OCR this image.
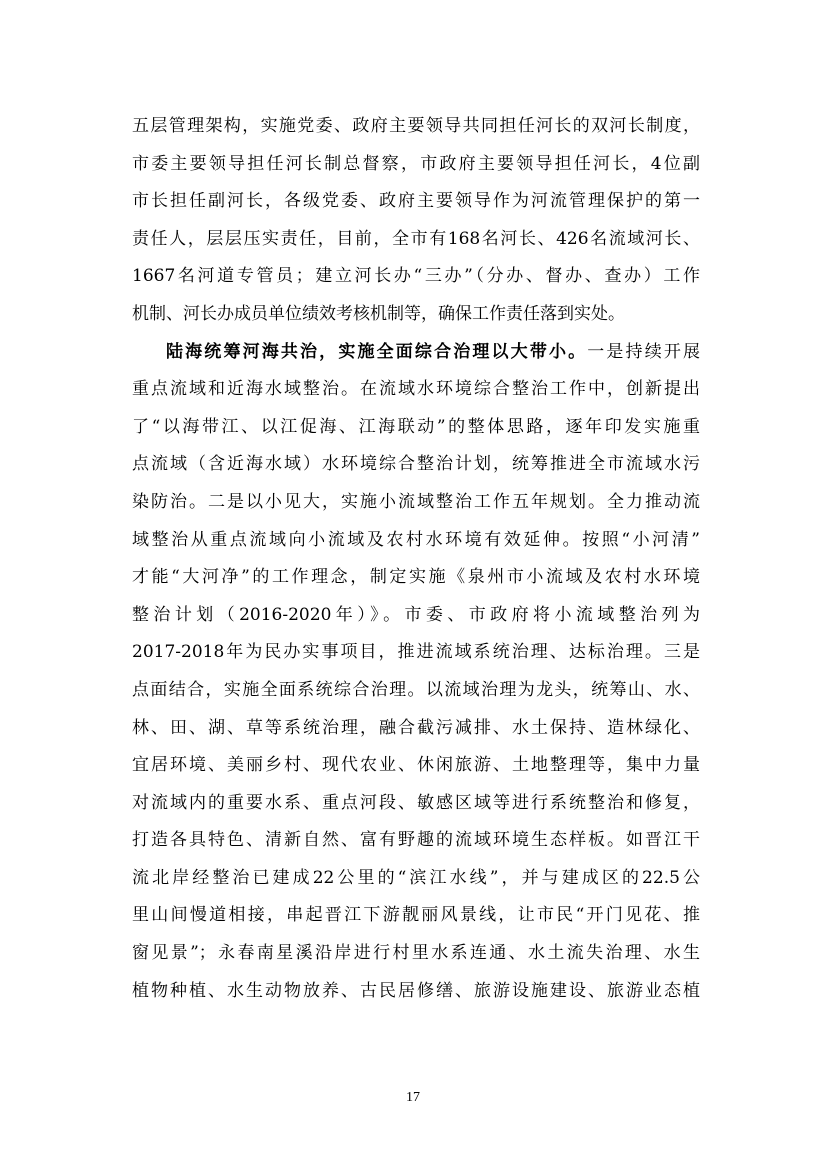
五层管理架构，实施党委、政府主要领导共同担任河长的双河长制度，
市委主要领导担任河长制总督察，市政府主要领导担任河长，4位副
市长担任副河长，各级党委、政府主要领导作为河流管理保护的第一
责任人，层层压实责任，目前，全市有168名河长、426名流域河长、
1667名河道专管员；建立河长办“三办”（分办、督办、查办）工作
机制、河长办成员单位绩效考核机制等，确保工作责任落到实处。
陆海统筹河海共治，实施全面综合治理以大带小。一是持续开展
重点流域和近海水域整治。在流域水环境综合整治工作中，创新提出
了“以海带江、以江促海、江海联动”的整体思路，逐年印发实施重
点流域（含近海水域）水环境综合整治计划，统筹推进全市流域水污
染防治。二是以小见大，实施小流域整治工作五年规划。全力推动流
域整治从重点流域向小流域及农村水环境有效延伸。按照“小河清”
才能“大河净”的工作理念，制定实施《泉州市小流域及农村水环境
整治计划（2016-2020年）》。市委、市政府将小流域整治列为
2017-2018年为民办实事项目，推进流域系统治理、达标治理。三是
点面结合，实施全面系统综合治理。以流域治理为龙头，统筹山、水、
林、田、湖、草等系统治理，融合截污减排、水土保持、造林绿化、
宜居环境、美丽乡村、现代农业、休闲旅游、土地整理等，集中力量
对流域内的重要水系、重点河段、敏感区域等进行系统整治和修复，
打造各具特色、清新自然、富有野趣的流域环境生态样板。如晋江干
流北岸经整治已建成22公里的“滨江水线”，并与建成区的22.5公
里山间慢道相接，串起晋江下游靓丽风景线，让市民“开门见花、推
窗见景”；永春南星溪沿岸进行村里水系连通、水土流失治理、水生
植物种植、水生动物放养、古民居修缮、旅游设施建设、旅游业态植
17
